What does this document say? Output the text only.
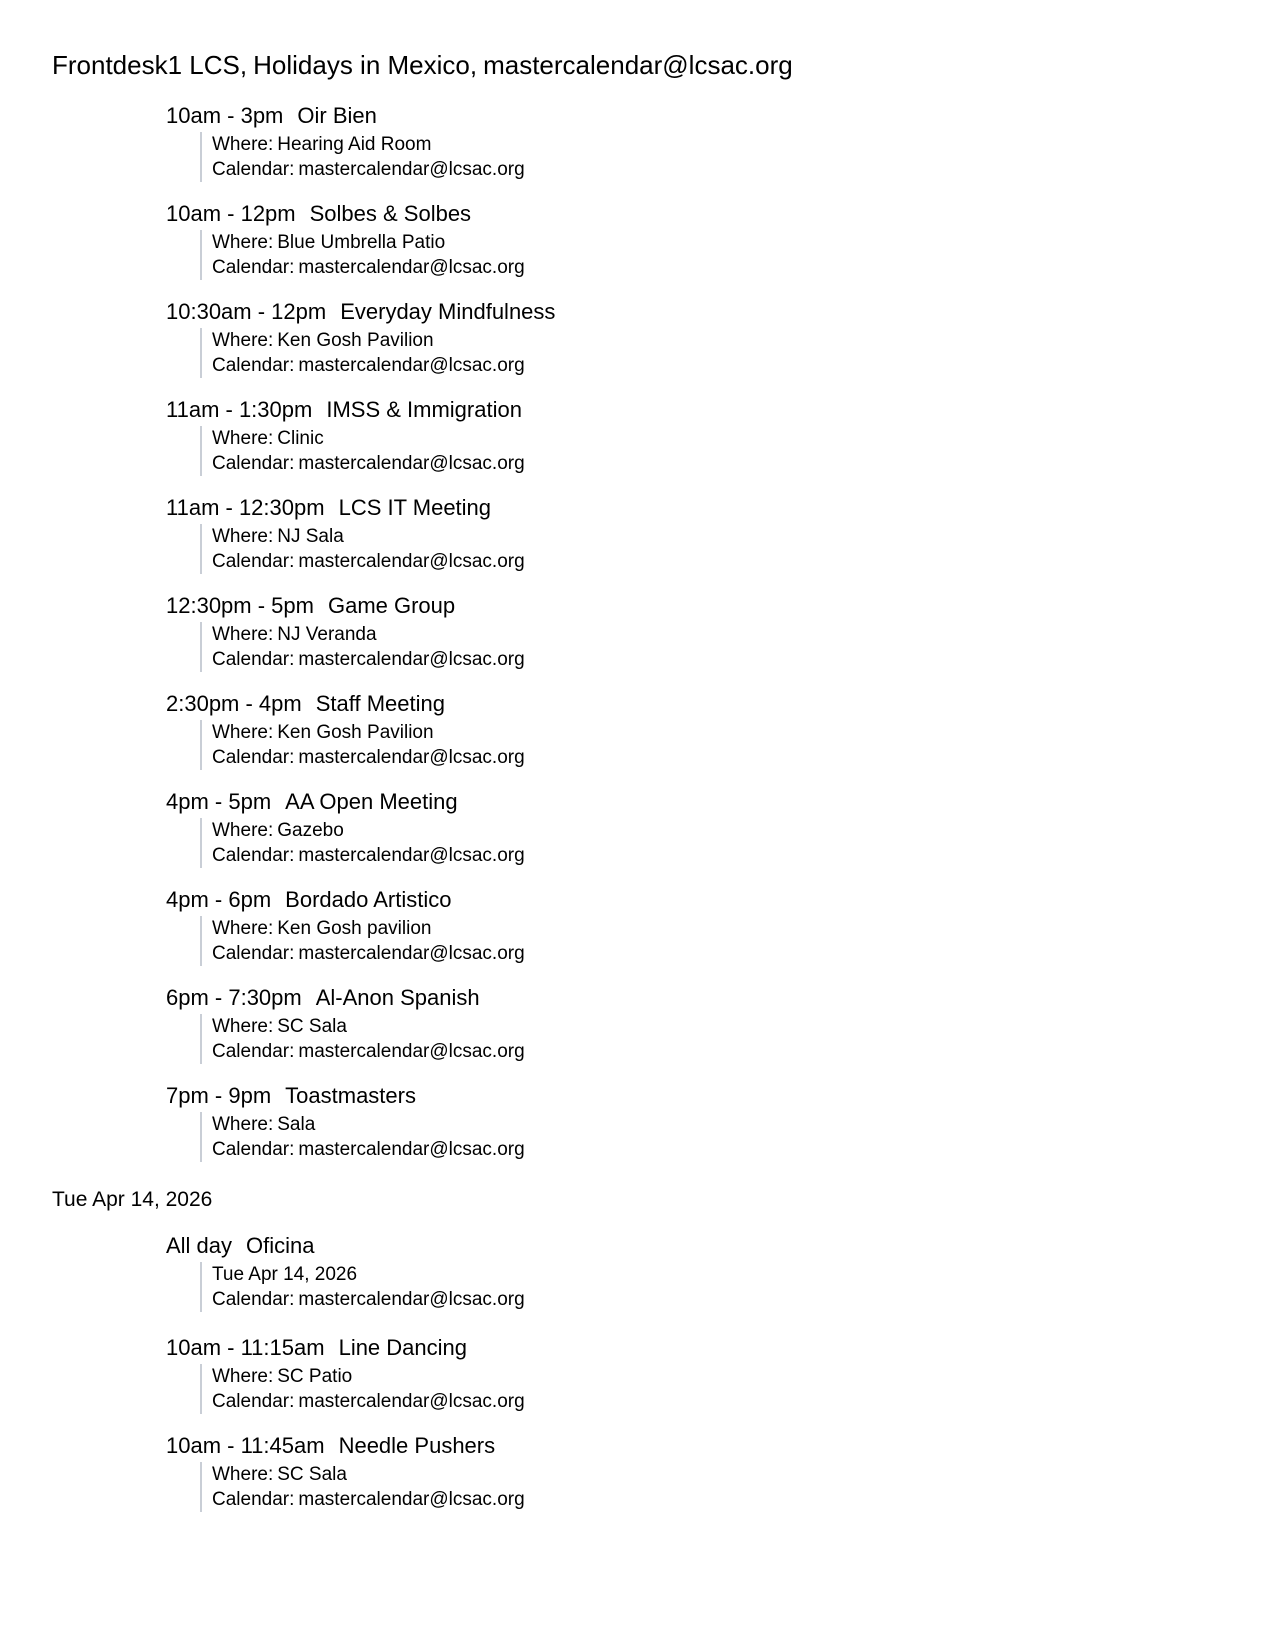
Frontdesk1 LCS, Holidays in Mexico, mastercalendar@lcsac.org
10am - 3pm Oir Bien
Where: Hearing Aid Room
Calendar: mastercalendar@lcsac.org
10am - 12pm Solbes & Solbes
Where: Blue Umbrella Patio
Calendar: mastercalendar@lcsac.org
10:30am - 12pm Everyday Mindfulness
Where: Ken Gosh Pavilion
Calendar: mastercalendar@lcsac.org
11am - 1:30pm IMSS & Immigration
Where: Clinic
Calendar: mastercalendar@lcsac.org
11am - 12:30pm LCS IT Meeting
Where: NJ Sala
Calendar: mastercalendar@lcsac.org
12:30pm - 5pm Game Group
Where: NJ Veranda
Calendar: mastercalendar@lcsac.org
2:30pm - 4pm Staff Meeting
Where: Ken Gosh Pavilion
Calendar: mastercalendar@lcsac.org
4pm - 5pm AA Open Meeting
Where: Gazebo
Calendar: mastercalendar@lcsac.org
4pm - 6pm Bordado Artistico
Where: Ken Gosh pavilion
Calendar: mastercalendar@lcsac.org
6pm - 7:30pm Al-Anon Spanish
Where: SC Sala
Calendar: mastercalendar@lcsac.org
7pm - 9pm Toastmasters
Where: Sala
Calendar: mastercalendar@lcsac.org
Tue Apr 14, 2026
All day Oficina
Tue Apr 14, 2026
Calendar: mastercalendar@lcsac.org
10am - 11:15am Line Dancing
Where: SC Patio
Calendar: mastercalendar@lcsac.org
10am - 11:45am Needle Pushers
Where: SC Sala
Calendar: mastercalendar@lcsac.org
